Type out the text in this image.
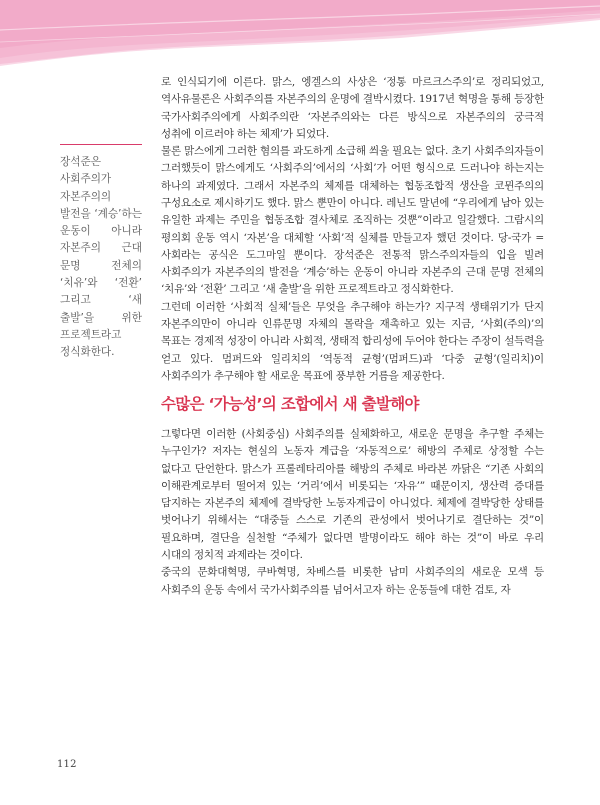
장석준은 사회주의가 자본주의의 발전을 ‘계승’하는 운동이 아니라 자본주의 근대 문명 전체의 ‘치유’와 ‘전환’ 그리고 ‘새 출발’을 위한 프로젝트라고 정식화한다.

로 인식되기에 이른다. 맑스, 엥겔스의 사상은 ‘정통 마르크스주의’로 정리되었고, 역사유물론은 사회주의를 자본주의의 운명에 결박시켰다. 1917년 혁명을 통해 등장한 국가사회주의에게 사회주의란 ‘자본주의와는 다른 방식으로 자본주의의 궁극적 성취에 이르러야 하는 체제’가 되었다.

물론 맑스에게 그러한 혐의를 과도하게 소급해 씌울 필요는 없다. 초기 사회주의자들이 그러했듯이 맑스에게도 ‘사회주의’에서의 ‘사회’가 어떤 형식으로 드러나야 하는지는 하나의 과제였다. 그래서 자본주의 체제를 대체하는 협동조합적 생산을 코뮌주의의 구성요소로 제시하기도 했다. 맑스 뿐만이 아니다. 레닌도 말년에 “우리에게 남아 있는 유일한 과제는 주민을 협동조합 결사체로 조직하는 것뿐”이라고 일갈했다. 그람시의 평의회 운동 역시 ‘자본’을 대체할 ‘사회’적 실체를 만들고자 했던 것이다. 당-국가 = 사회라는 공식은 도그마일 뿐이다. 장석준은 전통적 맑스주의자들의 입을 빌려 사회주의가 자본주의의 발전을 ‘계승’하는 운동이 아니라 자본주의 근대 문명 전체의 ‘치유’와 ‘전환’ 그리고 ‘새 출발’을 위한 프로젝트라고 정식화한다.

그런데 이러한 ‘사회적 실체’들은 무엇을 추구해야 하는가? 지구적 생태위기가 단지 자본주의만이 아니라 인류문명 자체의 몰락을 재촉하고 있는 지금, ‘사회(주의)’의 목표는 경제적 성장이 아니라 사회적, 생태적 합리성에 두어야 한다는 주장이 설득력을 얻고 있다. 멈퍼드와 일리치의 ‘역동적 균형’(멈퍼드)과 ‘다중 균형’(일리치)이 사회주의가 추구해야 할 새로운 목표에 풍부한 거름을 제공한다.

수많은 ‘가능성’의 조합에서 새 출발해야

그렇다면 이러한 (사회중심) 사회주의를 실체화하고, 새로운 문명을 추구할 주체는 누구인가? 저자는 현실의 노동자 계급을 ‘자동적으로’ 해방의 주체로 상정할 수는 없다고 단언한다. 맑스가 프롤레타리아를 해방의 주체로 바라본 까닭은 “기존 사회의 이해관계로부터 떨어져 있는 ‘거리’에서 비롯되는 ‘자유’” 때문이지, 생산력 증대를 담지하는 자본주의 체제에 결박당한 노동자계급이 아니었다. 체제에 결박당한 상태를 벗어나기 위해서는 “대중들 스스로 기존의 관성에서 벗어나기로 결단하는 것”이 필요하며, 결단을 실천할 “주체가 없다면 발명이라도 해야 하는 것”이 바로 우리 시대의 정치적 과제라는 것이다.

중국의 문화대혁명, 쿠바혁명, 차베스를 비롯한 남미 사회주의의 새로운 모색 등 사회주의 운동 속에서 국가사회주의를 넘어서고자 하는 운동들에 대한 검토, 자

112
